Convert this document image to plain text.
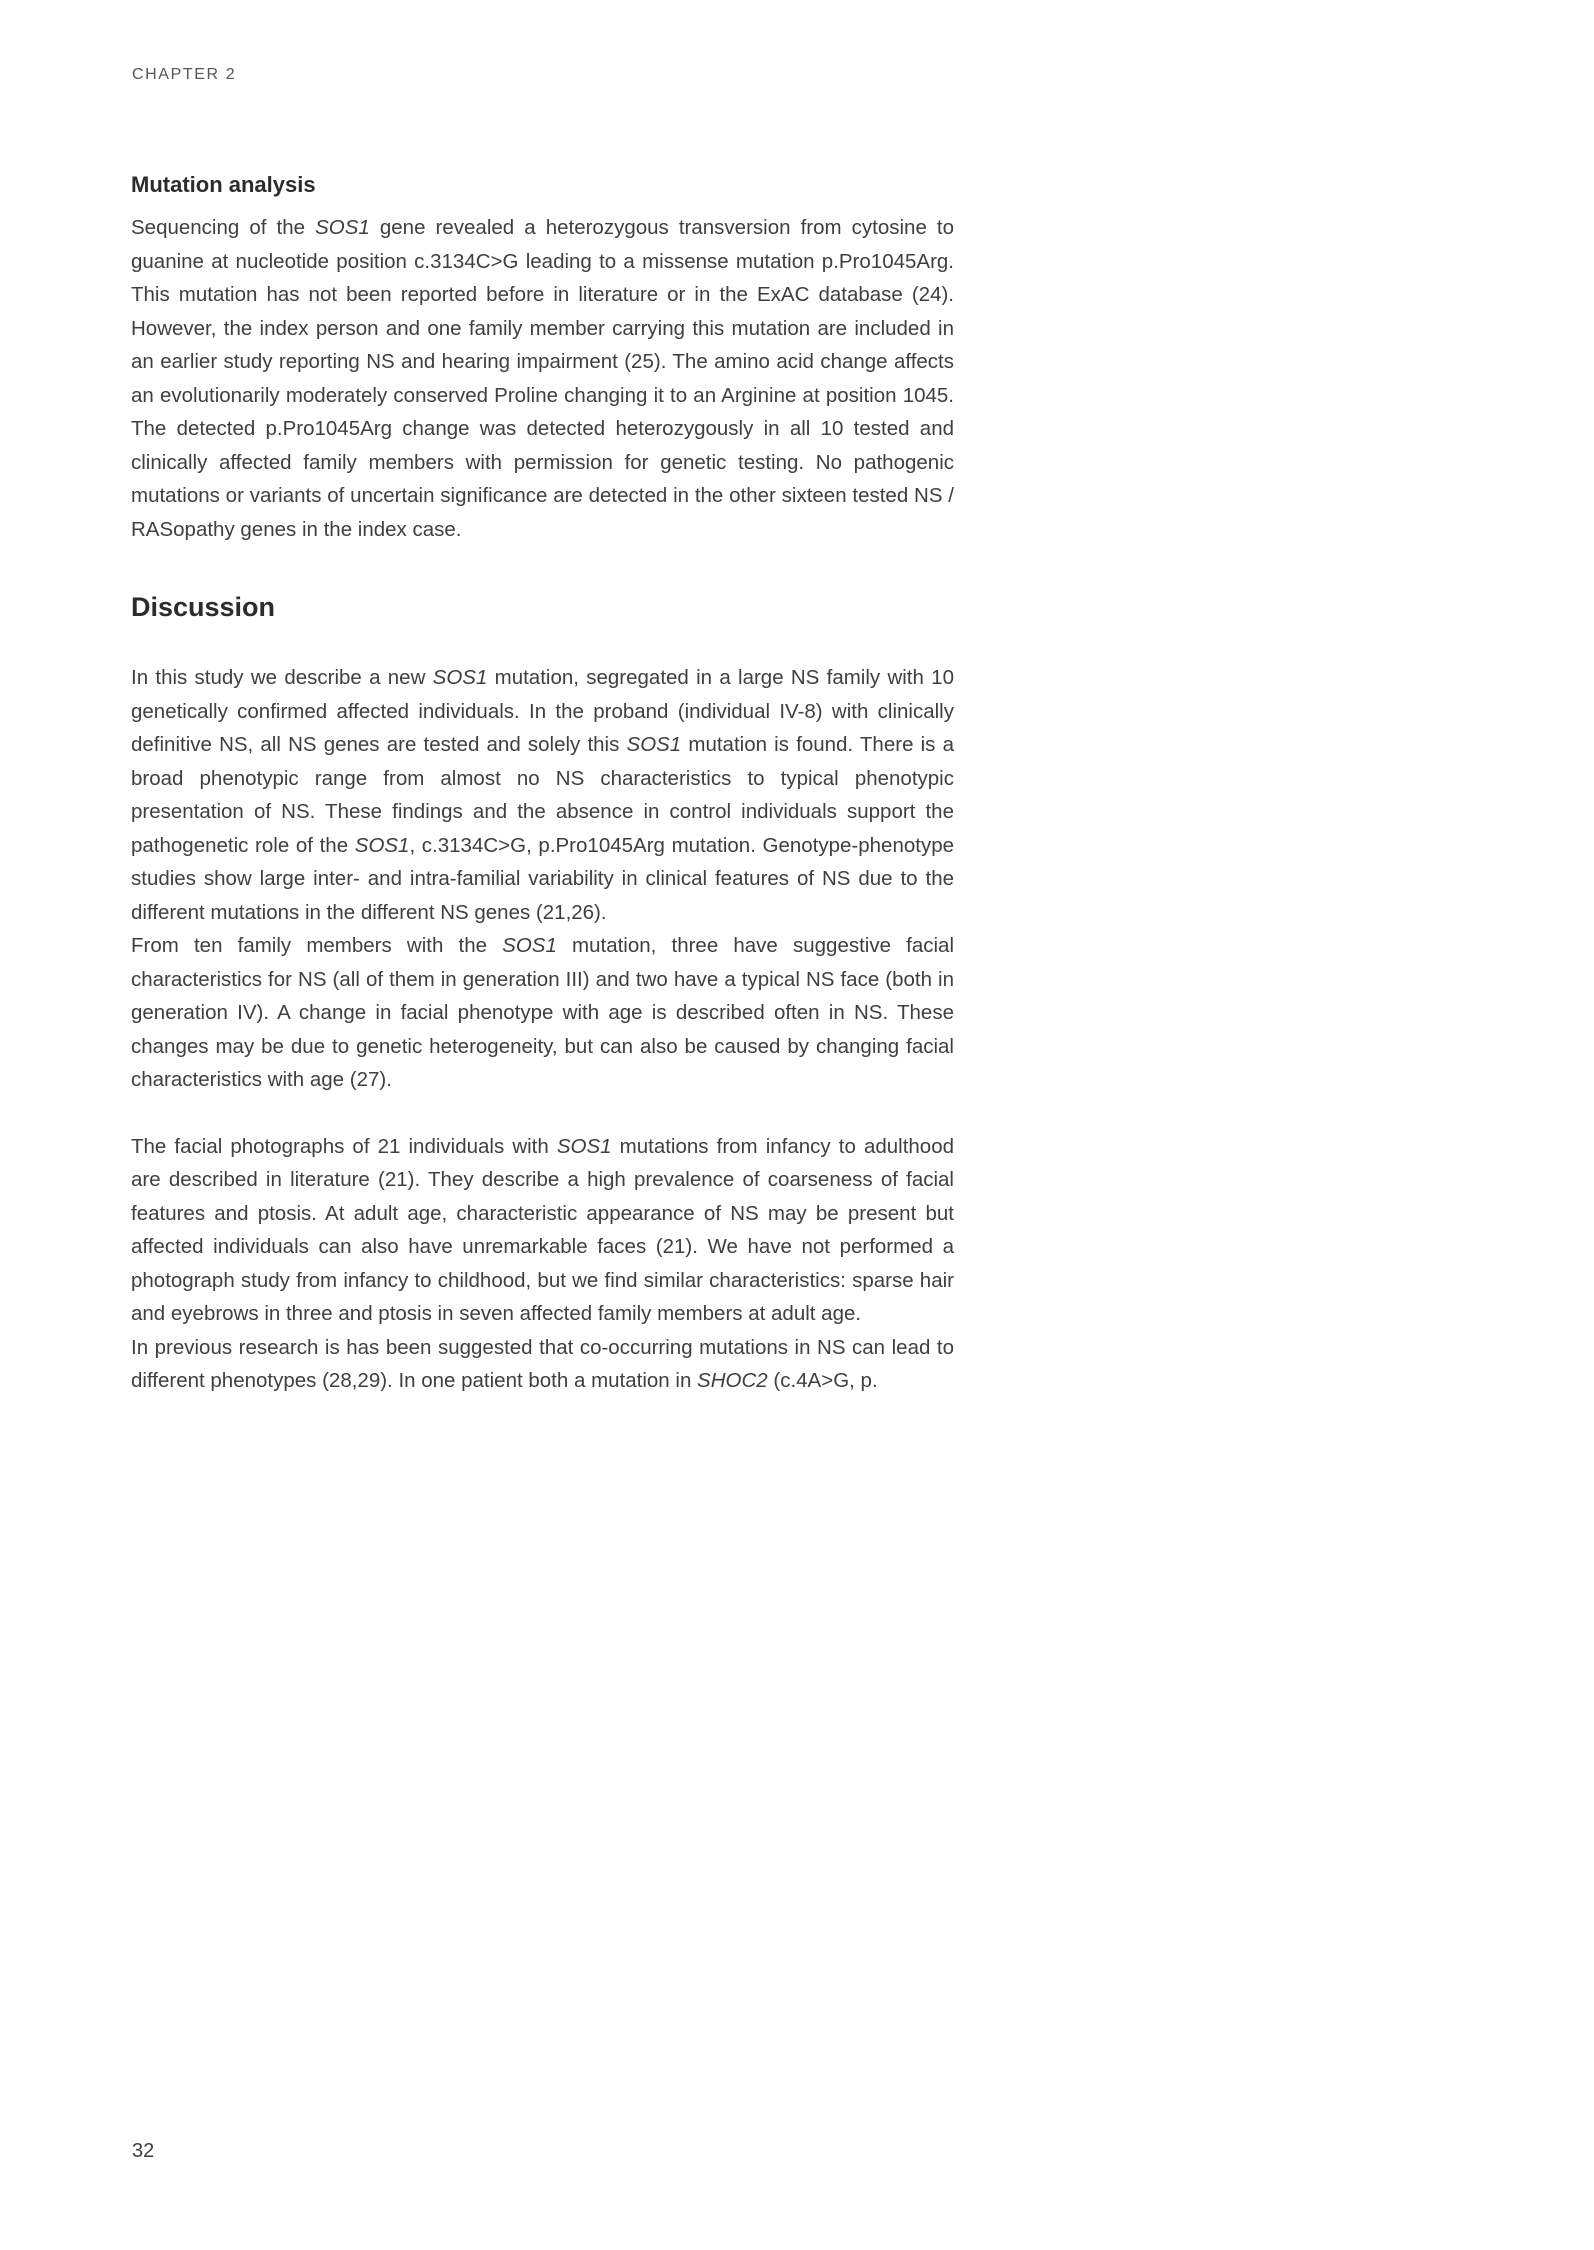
CHAPTER 2
Mutation analysis

Sequencing of the SOS1 gene revealed a heterozygous transversion from cytosine to guanine at nucleotide position c.3134C>G leading to a missense mutation p.Pro1045Arg. This mutation has not been reported before in literature or in the ExAC database (24). However, the index person and one family member carrying this mutation are included in an earlier study reporting NS and hearing impairment (25). The amino acid change affects an evolutionarily moderately conserved Proline changing it to an Arginine at position 1045. The detected p.Pro1045Arg change was detected heterozygously in all 10 tested and clinically affected family members with permission for genetic testing. No pathogenic mutations or variants of uncertain significance are detected in the other sixteen tested NS / RASopathy genes in the index case.

Discussion

In this study we describe a new SOS1 mutation, segregated in a large NS family with 10 genetically confirmed affected individuals. In the proband (individual IV-8) with clinically definitive NS, all NS genes are tested and solely this SOS1 mutation is found. There is a broad phenotypic range from almost no NS characteristics to typical phenotypic presentation of NS. These findings and the absence in control individuals support the pathogenetic role of the SOS1, c.3134C>G, p.Pro1045Arg mutation. Genotype-phenotype studies show large inter- and intra-familial variability in clinical features of NS due to the different mutations in the different NS genes (21,26).

From ten family members with the SOS1 mutation, three have suggestive facial characteristics for NS (all of them in generation III) and two have a typical NS face (both in generation IV). A change in facial phenotype with age is described often in NS. These changes may be due to genetic heterogeneity, but can also be caused by changing facial characteristics with age (27).

The facial photographs of 21 individuals with SOS1 mutations from infancy to adulthood are described in literature (21). They describe a high prevalence of coarseness of facial features and ptosis. At adult age, characteristic appearance of NS may be present but affected individuals can also have unremarkable faces (21). We have not performed a photograph study from infancy to childhood, but we find similar characteristics: sparse hair and eyebrows in three and ptosis in seven affected family members at adult age.

In previous research is has been suggested that co-occurring mutations in NS can lead to different phenotypes (28,29). In one patient both a mutation in SHOC2 (c.4A>G, p.

32
